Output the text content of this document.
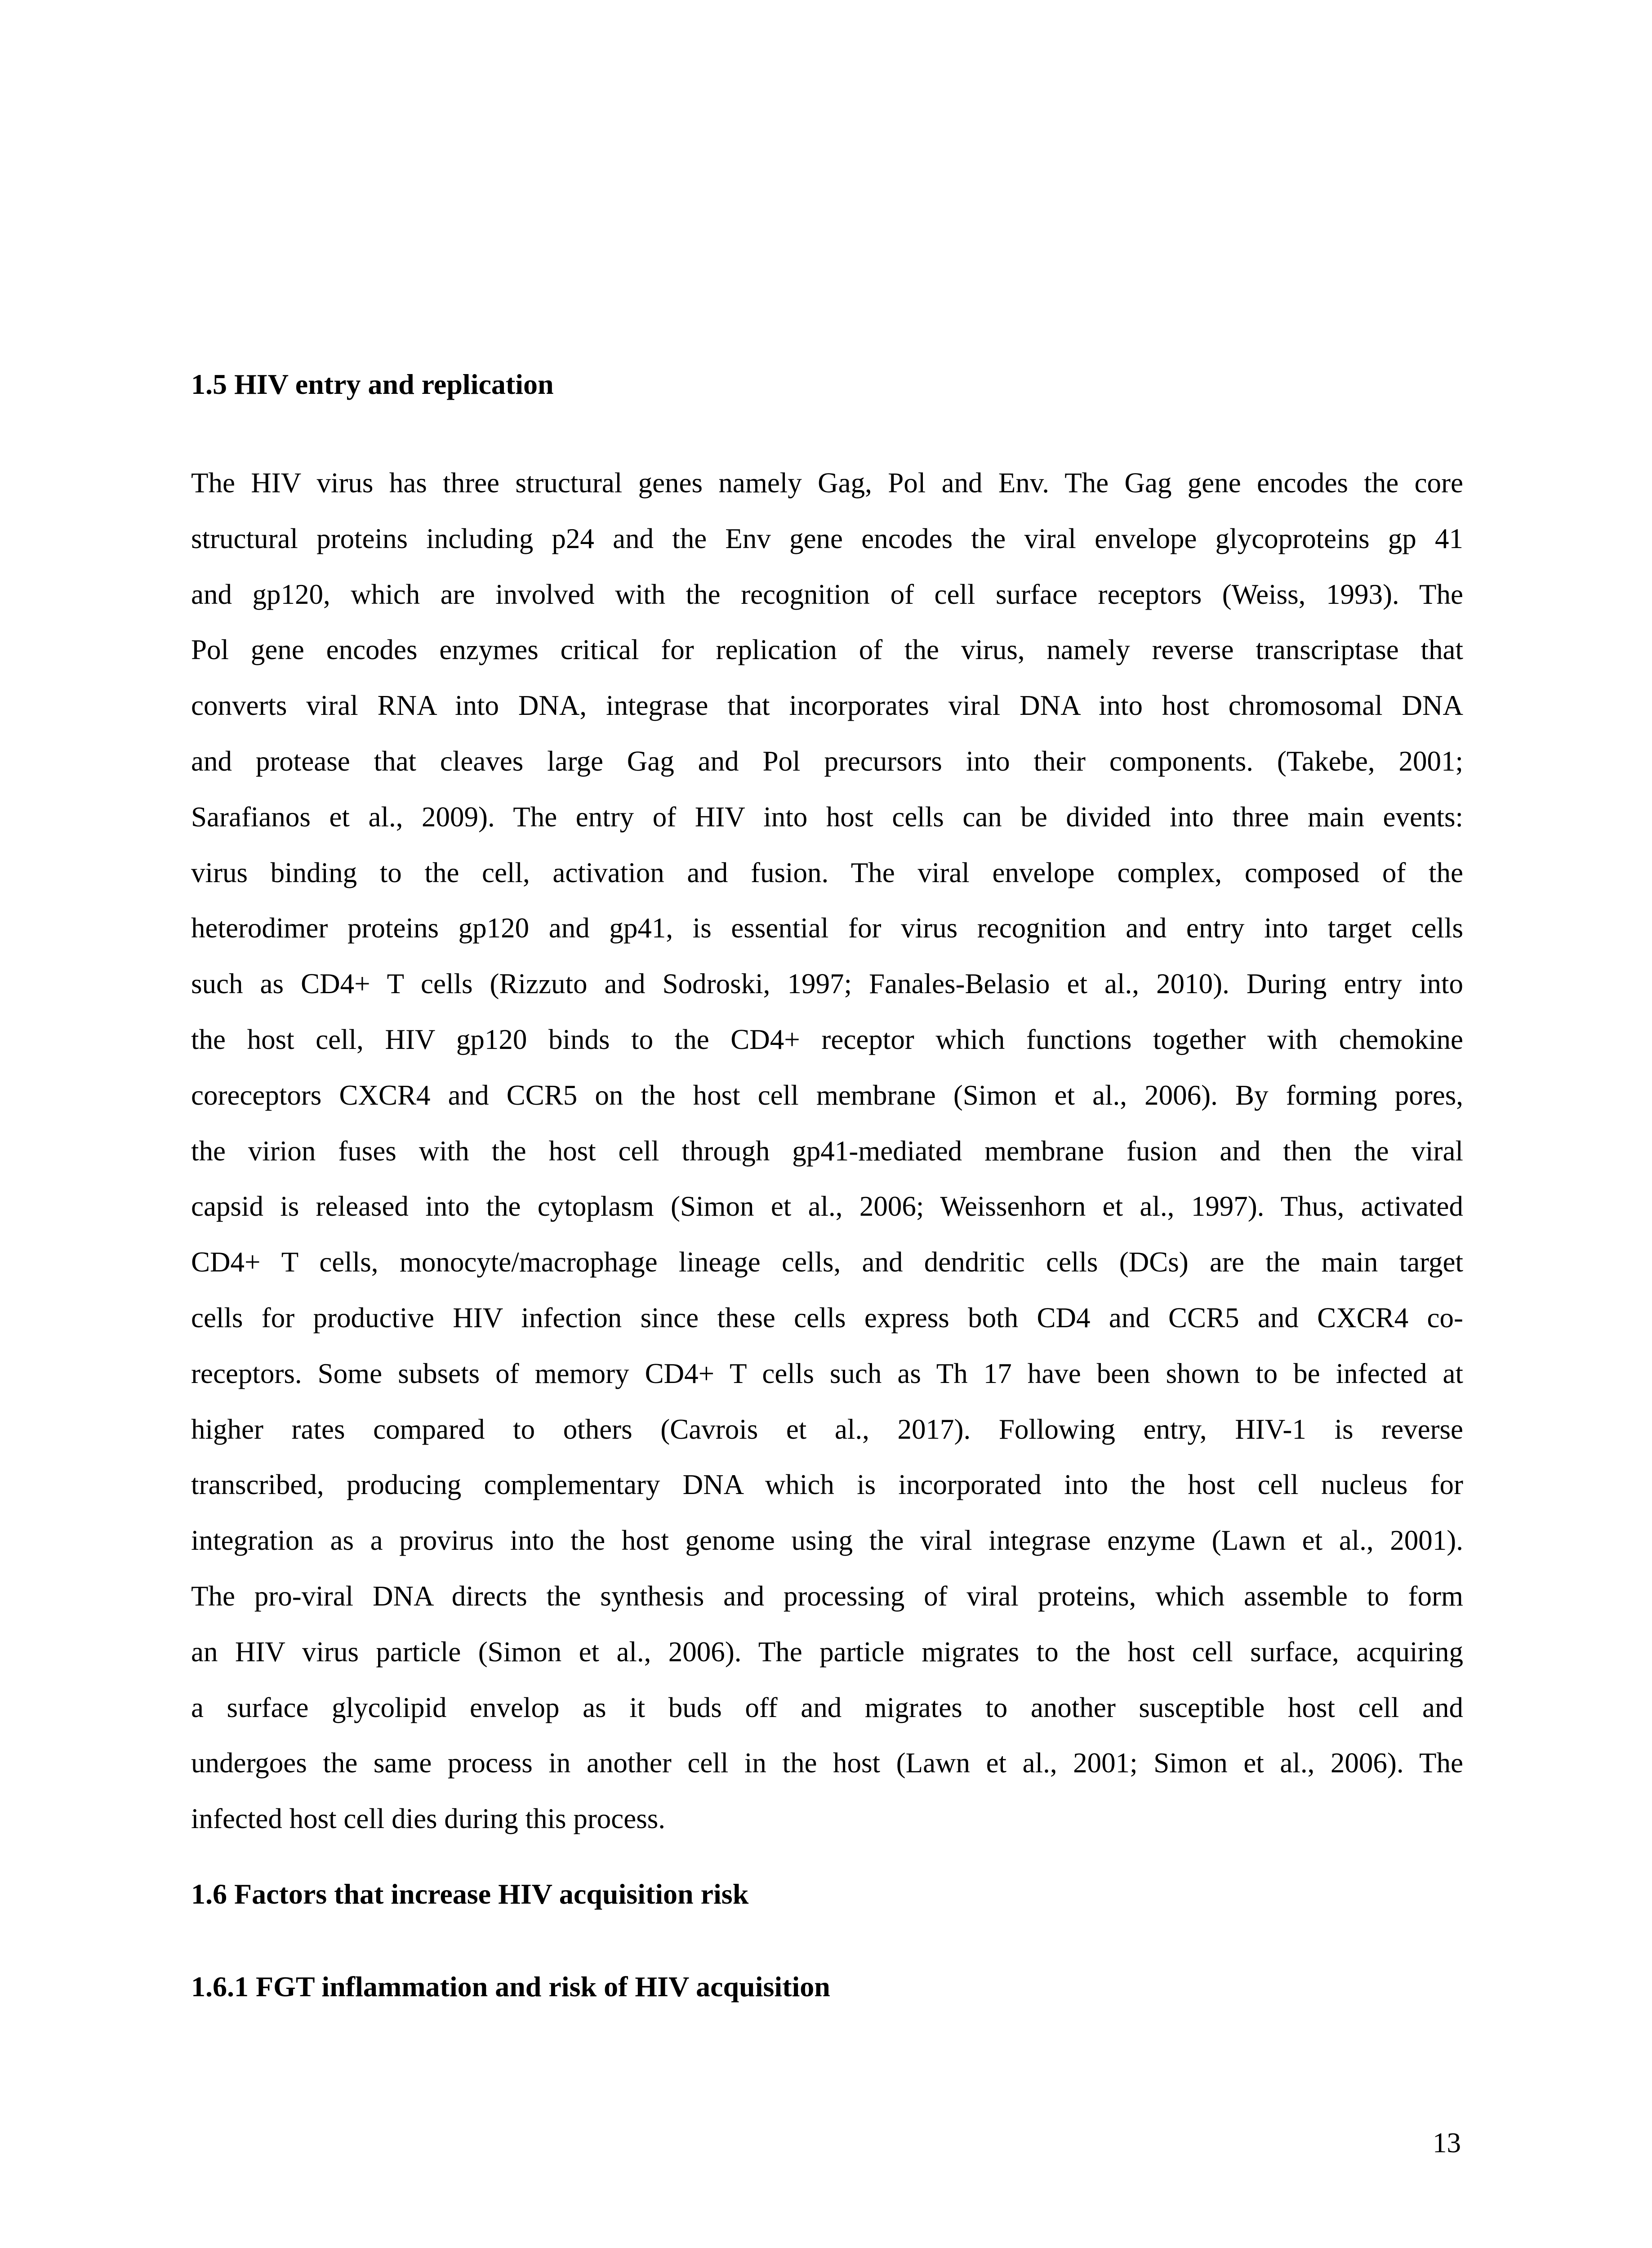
1.5 HIV entry and replication

The HIV virus has three structural genes namely Gag, Pol and Env. The Gag gene encodes the core
structural proteins including p24 and the Env gene encodes the viral envelope glycoproteins gp 41
and gp120, which are involved with the recognition of cell surface receptors (Weiss, 1993). The
Pol gene encodes enzymes critical for replication of the virus, namely reverse transcriptase that
converts viral RNA into DNA, integrase that incorporates viral DNA into host chromosomal DNA
and protease that cleaves large Gag and Pol precursors into their components. (Takebe, 2001;
Sarafianos et al., 2009). The entry of HIV into host cells can be divided into three main events:
virus binding to the cell, activation and fusion. The viral envelope complex, composed of the
heterodimer proteins gp120 and gp41, is essential for virus recognition and entry into target cells
such as CD4+ T cells (Rizzuto and Sodroski, 1997; Fanales-Belasio et al., 2010). During entry into
the host cell, HIV gp120 binds to the CD4+ receptor which functions together with chemokine
coreceptors CXCR4 and CCR5 on the host cell membrane (Simon et al., 2006). By forming pores,
the virion fuses with the host cell through gp41-mediated membrane fusion and then the viral
capsid is released into the cytoplasm (Simon et al., 2006; Weissenhorn et al., 1997). Thus, activated
CD4+ T cells, monocyte/macrophage lineage cells, and dendritic cells (DCs) are the main target
cells for productive HIV infection since these cells express both CD4 and CCR5 and CXCR4 co-
receptors. Some subsets of memory CD4+ T cells such as Th 17 have been shown to be infected at
higher rates compared to others (Cavrois et al., 2017). Following entry, HIV-1 is reverse
transcribed, producing complementary DNA which is incorporated into the host cell nucleus for
integration as a provirus into the host genome using the viral integrase enzyme (Lawn et al., 2001).
The pro-viral DNA directs the synthesis and processing of viral proteins, which assemble to form
an HIV virus particle (Simon et al., 2006). The particle migrates to the host cell surface, acquiring
a surface glycolipid envelop as it buds off and migrates to another susceptible host cell and
undergoes the same process in another cell in the host (Lawn et al., 2001; Simon et al., 2006). The
infected host cell dies during this process.

1.6 Factors that increase HIV acquisition risk
1.6.1 FGT inflammation and risk of HIV acquisition
13
